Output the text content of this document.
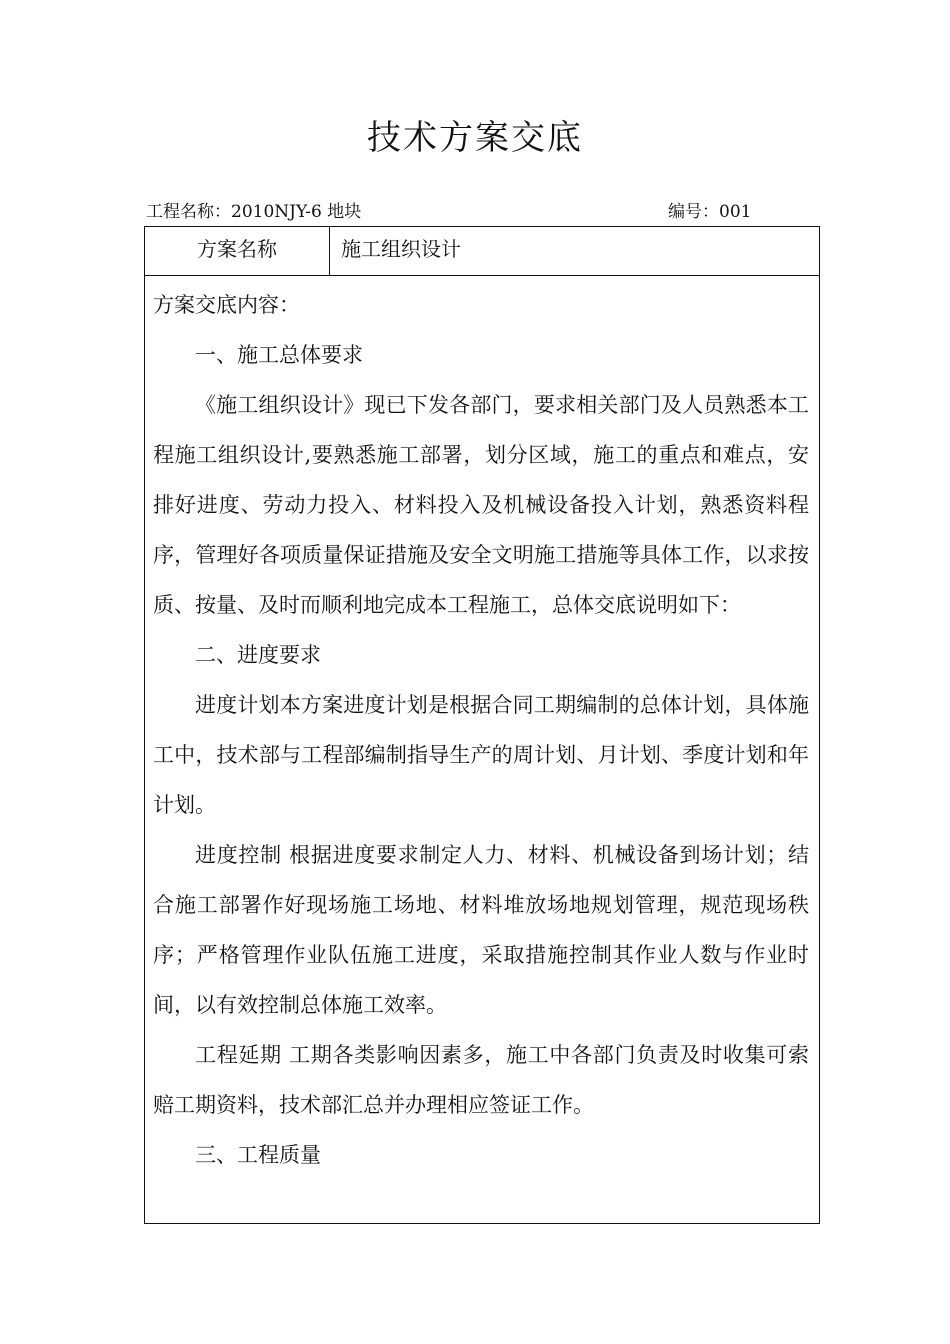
技术方案交底
工程名称：2010NJY-6 地块	编号：001
方案名称	施工组织设计

方案交底内容：

一、施工总体要求

《施工组织设计》现已下发各部门，要求相关部门及人员熟悉本工程施工组织设计,要熟悉施工部署，划分区域，施工的重点和难点，安排好进度、劳动力投入、材料投入及机械设备投入计划，熟悉资料程序，管理好各项质量保证措施及安全文明施工措施等具体工作，以求按质、按量、及时而顺利地完成本工程施工，总体交底说明如下：

二、进度要求

进度计划本方案进度计划是根据合同工期编制的总体计划，具体施工中，技术部与工程部编制指导生产的周计划、月计划、季度计划和年计划。

进度控制 根据进度要求制定人力、材料、机械设备到场计划；结合施工部署作好现场施工场地、材料堆放场地规划管理，规范现场秩序；严格管理作业队伍施工进度，采取措施控制其作业人数与作业时间，以有效控制总体施工效率。

工程延期 工期各类影响因素多，施工中各部门负责及时收集可索赔工期资料，技术部汇总并办理相应签证工作。

三、工程质量
